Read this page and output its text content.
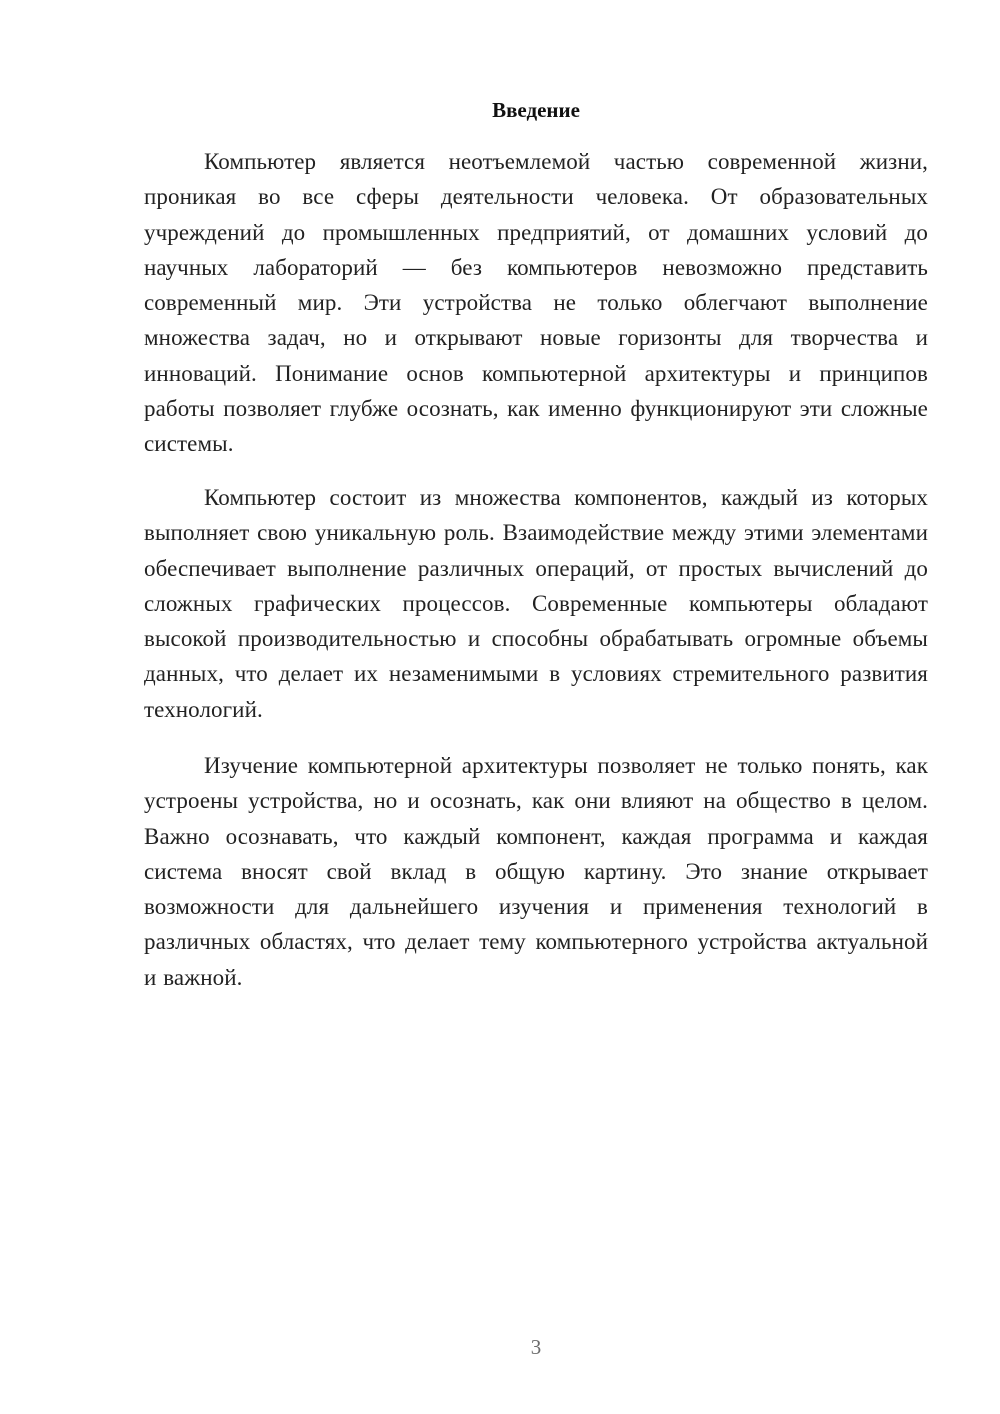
Введение

Компьютер является неотъемлемой частью современной жизни, проникая во все сферы деятельности человека. От образовательных учреждений до промышленных предприятий, от домашних условий до научных лабораторий — без компьютеров невозможно представить современный мир. Эти устройства не только облегчают выполнение множества задач, но и открывают новые горизонты для творчества и инноваций. Понимание основ компьютерной архитектуры и принципов работы позволяет глубже осознать, как именно функционируют эти сложные системы.

Компьютер состоит из множества компонентов, каждый из которых выполняет свою уникальную роль. Взаимодействие между этими элементами обеспечивает выполнение различных операций, от простых вычислений до сложных графических процессов. Современные компьютеры обладают высокой производительностью и способны обрабатывать огромные объемы данных, что делает их незаменимыми в условиях стремительного развития технологий.

Изучение компьютерной архитектуры позволяет не только понять, как устроены устройства, но и осознать, как они влияют на общество в целом. Важно осознавать, что каждый компонент, каждая программа и каждая система вносят свой вклад в общую картину. Это знание открывает возможности для дальнейшего изучения и применения технологий в различных областях, что делает тему компьютерного устройства актуальной и важной.

3
